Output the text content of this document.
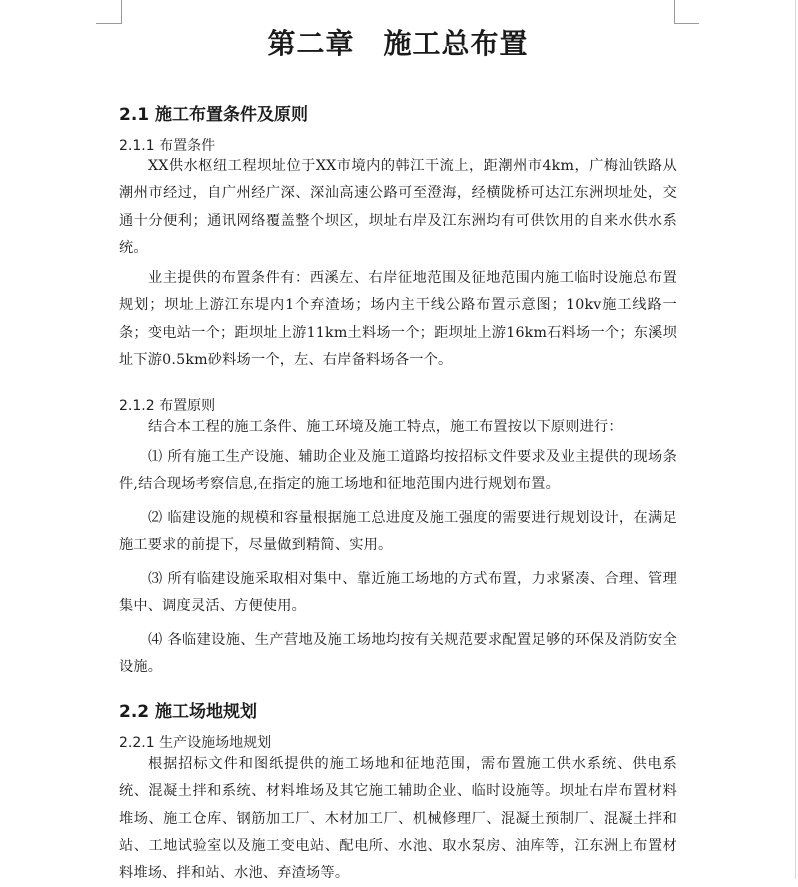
第二章　施工总布置
2.1 施工布置条件及原则
2.1.1 布置条件

XX供水枢纽工程坝址位于XX市境内的韩江干流上，距潮州市4km，广梅汕铁路从潮州市经过，自广州经广深、深汕高速公路可至澄海，经横陇桥可达江东洲坝址处，交通十分便利；通讯网络覆盖整个坝区，坝址右岸及江东洲均有可供饮用的自来水供水系统。

业主提供的布置条件有：西溪左、右岸征地范围及征地范围内施工临时设施总布置规划；坝址上游江东堤内1个弃渣场；场内主干线公路布置示意图；10kv施工线路一条；变电站一个；距坝址上游11km土料场一个；距坝址上游16km石料场一个；东溪坝址下游0.5km砂料场一个，左、右岸备料场各一个。

2.1.2 布置原则

结合本工程的施工条件、施工环境及施工特点，施工布置按以下原则进行：

⑴ 所有施工生产设施、辅助企业及施工道路均按招标文件要求及业主提供的现场条件,结合现场考察信息,在指定的施工场地和征地范围内进行规划布置。

⑵ 临建设施的规模和容量根据施工总进度及施工强度的需要进行规划设计，在满足施工要求的前提下，尽量做到精简、实用。

⑶ 所有临建设施采取相对集中、靠近施工场地的方式布置，力求紧凑、合理、管理集中、调度灵活、方便使用。

⑷ 各临建设施、生产营地及施工场地均按有关规范要求配置足够的环保及消防安全设施。

2.2 施工场地规划
2.2.1 生产设施场地规划

根据招标文件和图纸提供的施工场地和征地范围，需布置施工供水系统、供电系统、混凝土拌和系统、材料堆场及其它施工辅助企业、临时设施等。坝址右岸布置材料堆场、施工仓库、钢筋加工厂、木材加工厂、机械修理厂、混凝土预制厂、混凝土拌和站、工地试验室以及施工变电站、配电所、水池、取水泵房、油库等，江东洲上布置材料堆场、拌和站、水池、弃渣场等。
